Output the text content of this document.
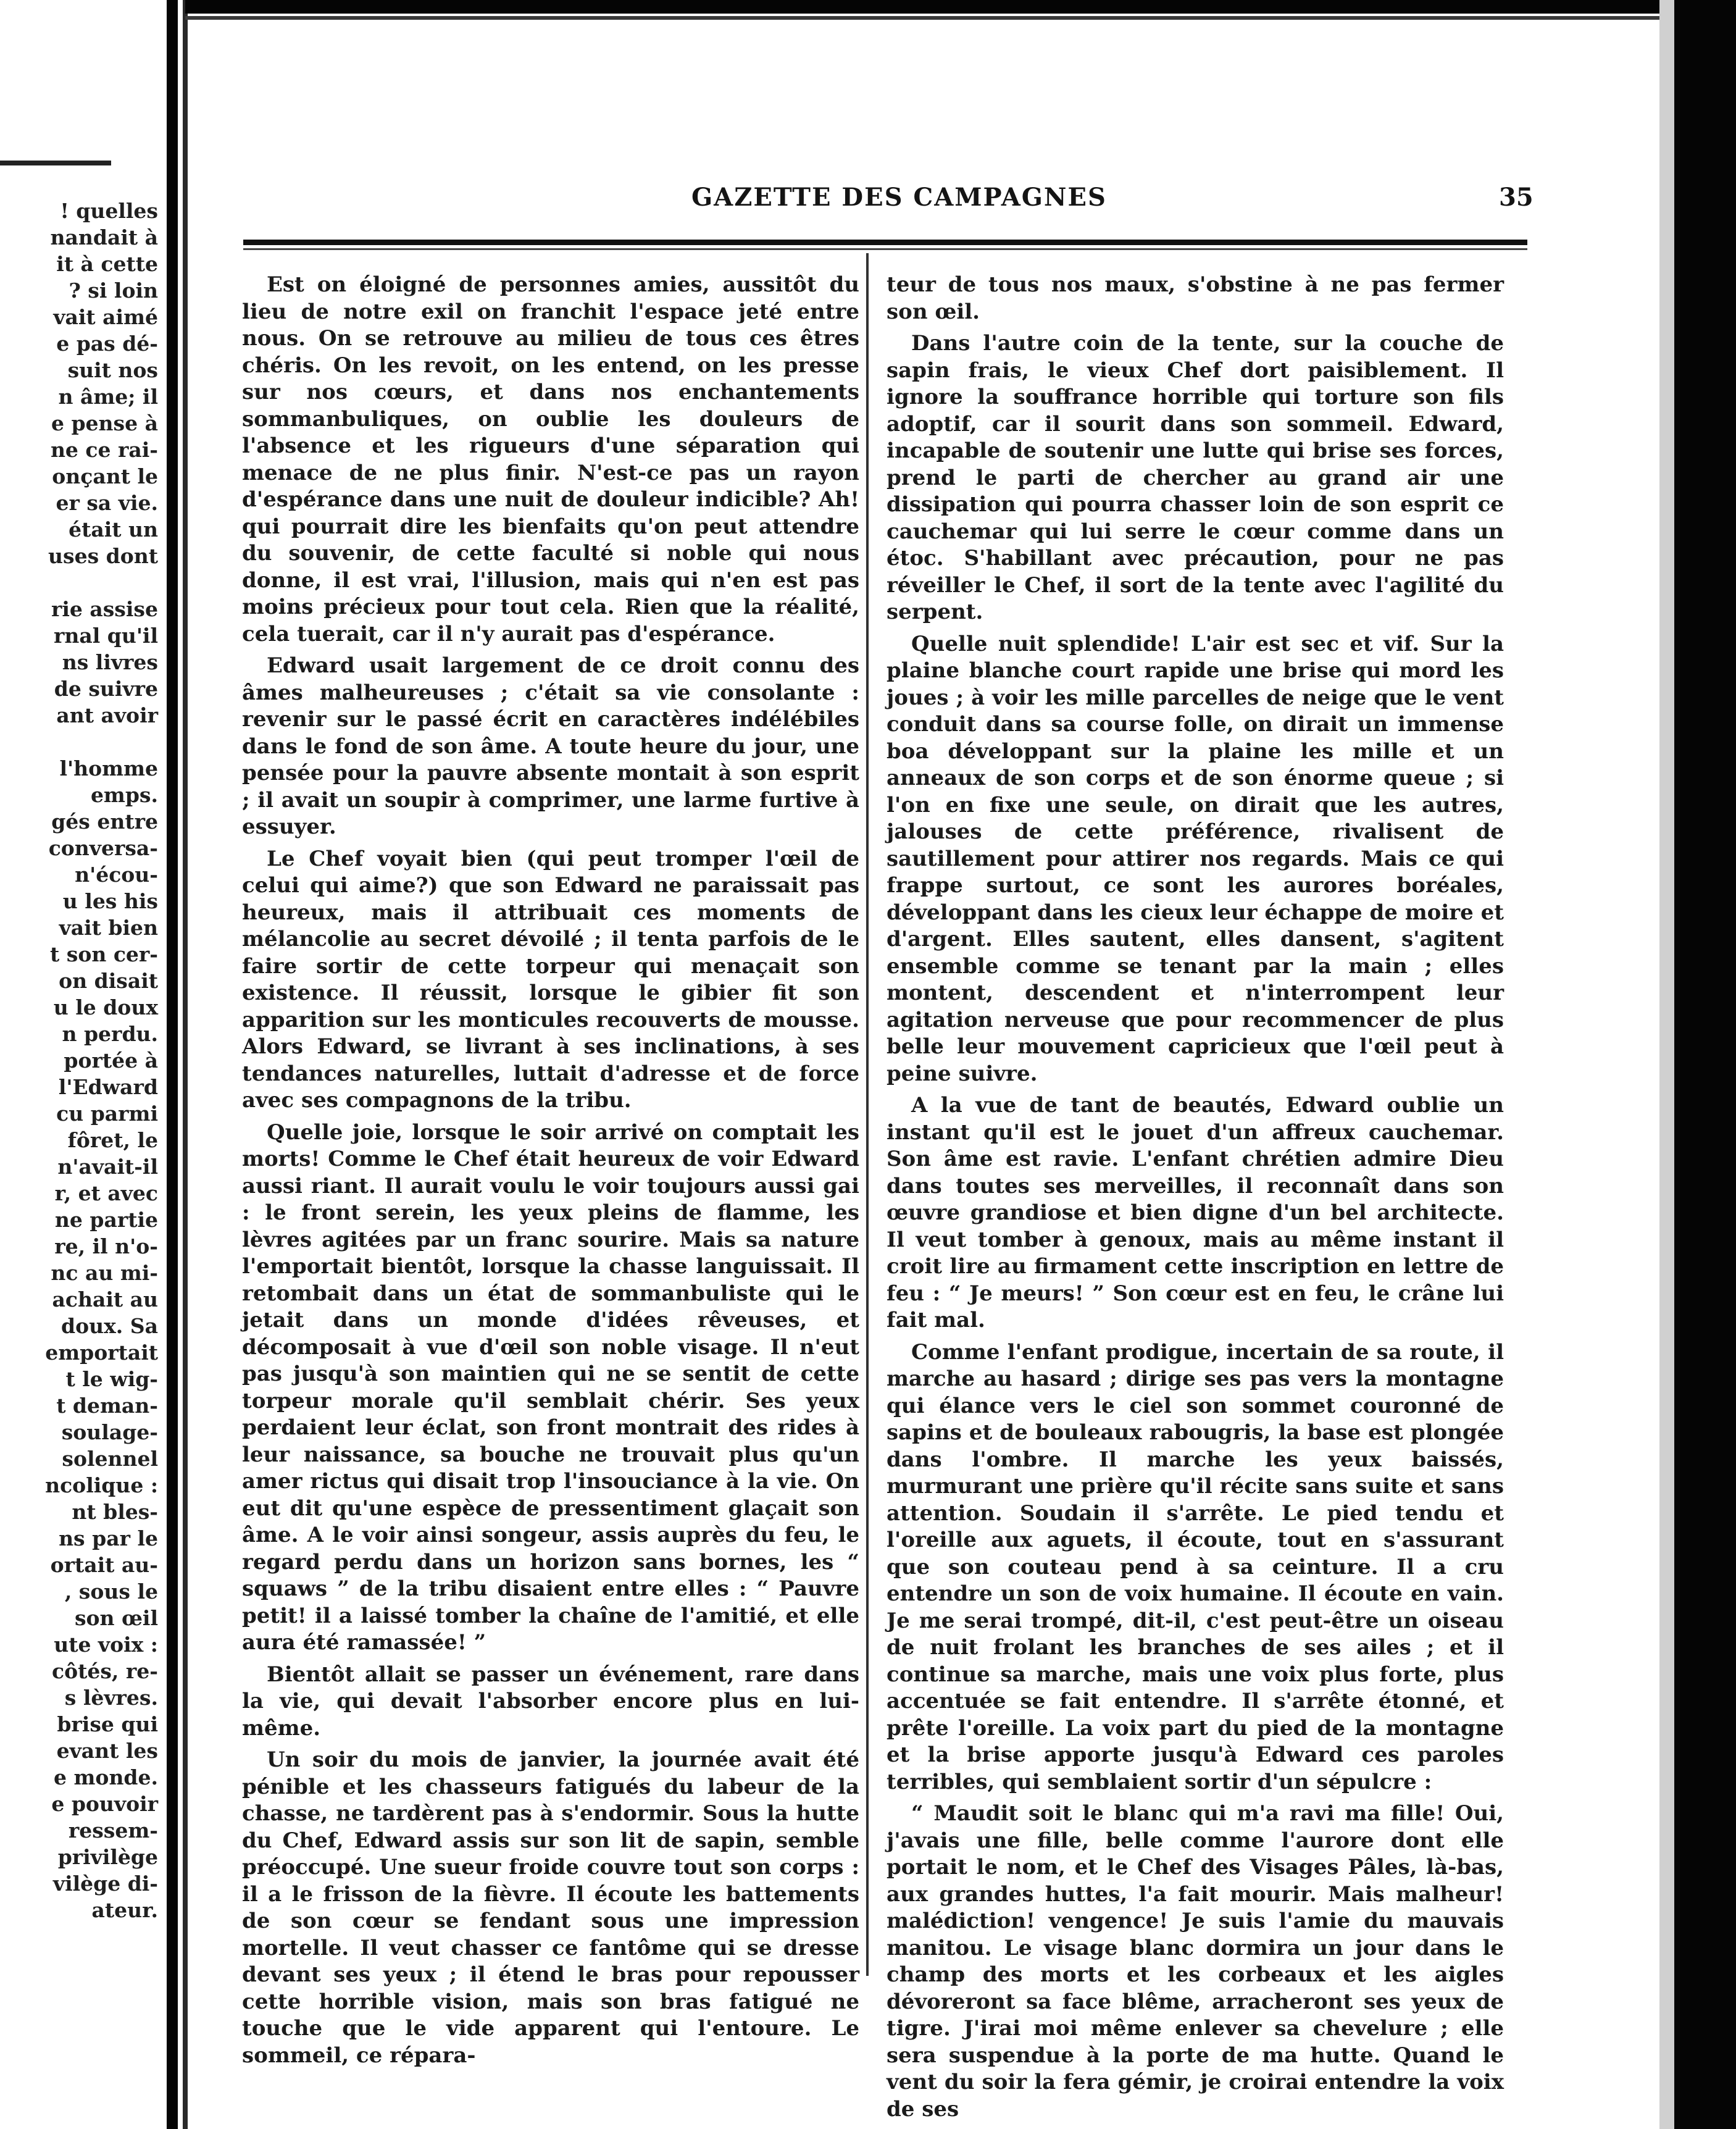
! quelles
nandait à
it à cette
? si loin
vait aimé
e pas dé-
suit nos
n âme; il
e pense à
ne ce rai-
onçant le
er sa vie.
était un
uses dont

rie assise
rnal qu'il
ns livres
de suivre
ant avoir

l'homme
emps.
gés entre
conversa-
n'écou-
u les his
vait bien
t son cer-
on disait
u le doux
n perdu.
portée à
l'Edward
cu parmi
fôret, le
n'avait-il
r, et avec
ne partie
re, il n'o-
nc au mi-
achait au
doux. Sa
emportait
t le wig-
t deman-
soulage-
solennel
ncolique :
nt bles-
ns par le
ortait au-
, sous le
son œil
ute voix :
côtés, re-
s lèvres.
brise qui
evant les
e monde.
e pouvoir
ressem-
privilège
vilège di-
ateur.
GAZETTE DES CAMPAGNES	35

Est on éloigné de personnes amies, aussitôt du lieu de notre exil on franchit l'espace jeté entre nous. On se retrouve au milieu de tous ces êtres chéris. On les revoit, on les entend, on les presse sur nos cœurs, et dans nos enchantements sommanbuliques, on oublie les douleurs de l'absence et les rigueurs d'une séparation qui menace de ne plus finir. N'est-ce pas un rayon d'espérance dans une nuit de douleur indicible? Ah! qui pourrait dire les bienfaits qu'on peut attendre du souvenir, de cette faculté si noble qui nous donne, il est vrai, l'illusion, mais qui n'en est pas moins précieux pour tout cela. Rien que la réalité, cela tuerait, car il n'y aurait pas d'espérance.

Edward usait largement de ce droit connu des âmes malheureuses ; c'était sa vie consolante : revenir sur le passé écrit en caractères indélébiles dans le fond de son âme. A toute heure du jour, une pensée pour la pauvre absente montait à son esprit ; il avait un soupir à comprimer, une larme furtive à essuyer.

Le Chef voyait bien (qui peut tromper l'œil de celui qui aime?) que son Edward ne paraissait pas heureux, mais il attribuait ces moments de mélancolie au secret dévoilé ; il tenta parfois de le faire sortir de cette torpeur qui menaçait son existence. Il réussit, lorsque le gibier fit son apparition sur les monticules recouverts de mousse. Alors Edward, se livrant à ses inclinations, à ses tendances naturelles, luttait d'adresse et de force avec ses compagnons de la tribu.

Quelle joie, lorsque le soir arrivé on comptait les morts! Comme le Chef était heureux de voir Edward aussi riant. Il aurait voulu le voir toujours aussi gai : le front serein, les yeux pleins de flamme, les lèvres agitées par un franc sourire. Mais sa nature l'emportait bientôt, lorsque la chasse languissait. Il retombait dans un état de sommanbuliste qui le jetait dans un monde d'idées rêveuses, et décomposait à vue d'œil son noble visage. Il n'eut pas jusqu'à son maintien qui ne se sentit de cette torpeur morale qu'il semblait chérir. Ses yeux perdaient leur éclat, son front montrait des rides à leur naissance, sa bouche ne trouvait plus qu'un amer rictus qui disait trop l'insouciance à la vie. On eut dit qu'une espèce de pressentiment glaçait son âme. A le voir ainsi songeur, assis auprès du feu, le regard perdu dans un horizon sans bornes, les “ squaws ” de la tribu disaient entre elles : “ Pauvre petit! il a laissé tomber la chaîne de l'amitié, et elle aura été ramassée! ”

Bientôt allait se passer un événement, rare dans la vie, qui devait l'absorber encore plus en lui-même.

Un soir du mois de janvier, la journée avait été pénible et les chasseurs fatigués du labeur de la chasse, ne tardèrent pas à s'endormir. Sous la hutte du Chef, Edward assis sur son lit de sapin, semble préoccupé. Une sueur froide couvre tout son corps : il a le frisson de la fièvre. Il écoute les battements de son cœur se fendant sous une impression mortelle. Il veut chasser ce fantôme qui se dresse devant ses yeux ; il étend le bras pour repousser cette horrible vision, mais son bras fatigué ne touche que le vide apparent qui l'entoure. Le sommeil, ce répara-

teur de tous nos maux, s'obstine à ne pas fermer son œil.

Dans l'autre coin de la tente, sur la couche de sapin frais, le vieux Chef dort paisiblement. Il ignore la souffrance horrible qui torture son fils adoptif, car il sourit dans son sommeil. Edward, incapable de soutenir une lutte qui brise ses forces, prend le parti de chercher au grand air une dissipation qui pourra chasser loin de son esprit ce cauchemar qui lui serre le cœur comme dans un étoc. S'habillant avec précaution, pour ne pas réveiller le Chef, il sort de la tente avec l'agilité du serpent.

Quelle nuit splendide! L'air est sec et vif. Sur la plaine blanche court rapide une brise qui mord les joues ; à voir les mille parcelles de neige que le vent conduit dans sa course folle, on dirait un immense boa développant sur la plaine les mille et un anneaux de son corps et de son énorme queue ; si l'on en fixe une seule, on dirait que les autres, jalouses de cette préférence, rivalisent de sautillement pour attirer nos regards. Mais ce qui frappe surtout, ce sont les aurores boréales, développant dans les cieux leur échappe de moire et d'argent. Elles sautent, elles dansent, s'agitent ensemble comme se tenant par la main ; elles montent, descendent et n'interrompent leur agitation nerveuse que pour recommencer de plus belle leur mouvement capricieux que l'œil peut à peine suivre.

A la vue de tant de beautés, Edward oublie un instant qu'il est le jouet d'un affreux cauchemar. Son âme est ravie. L'enfant chrétien admire Dieu dans toutes ses merveilles, il reconnaît dans son œuvre grandiose et bien digne d'un bel architecte. Il veut tomber à genoux, mais au même instant il croit lire au firmament cette inscription en lettre de feu : “ Je meurs! ” Son cœur est en feu, le crâne lui fait mal.

Comme l'enfant prodigue, incertain de sa route, il marche au hasard ; dirige ses pas vers la montagne qui élance vers le ciel son sommet couronné de sapins et de bouleaux rabougris, la base est plongée dans l'ombre. Il marche les yeux baissés, murmurant une prière qu'il récite sans suite et sans attention. Soudain il s'arrête. Le pied tendu et l'oreille aux aguets, il écoute, tout en s'assurant que son couteau pend à sa ceinture. Il a cru entendre un son de voix humaine. Il écoute en vain. Je me serai trompé, dit-il, c'est peut-être un oiseau de nuit frolant les branches de ses ailes ; et il continue sa marche, mais une voix plus forte, plus accentuée se fait entendre. Il s'arrête étonné, et prête l'oreille. La voix part du pied de la montagne et la brise apporte jusqu'à Edward ces paroles terribles, qui semblaient sortir d'un sépulcre :

“ Maudit soit le blanc qui m'a ravi ma fille! Oui, j'avais une fille, belle comme l'aurore dont elle portait le nom, et le Chef des Visages Pâles, là-bas, aux grandes huttes, l'a fait mourir. Mais malheur! malédiction! vengence! Je suis l'amie du mauvais manitou. Le visage blanc dormira un jour dans le champ des morts et les corbeaux et les aigles dévoreront sa face blême, arracheront ses yeux de tigre. J'irai moi même enlever sa chevelure ; elle sera suspendue à la porte de ma hutte. Quand le vent du soir la fera gémir, je croirai entendre la voix de ses
